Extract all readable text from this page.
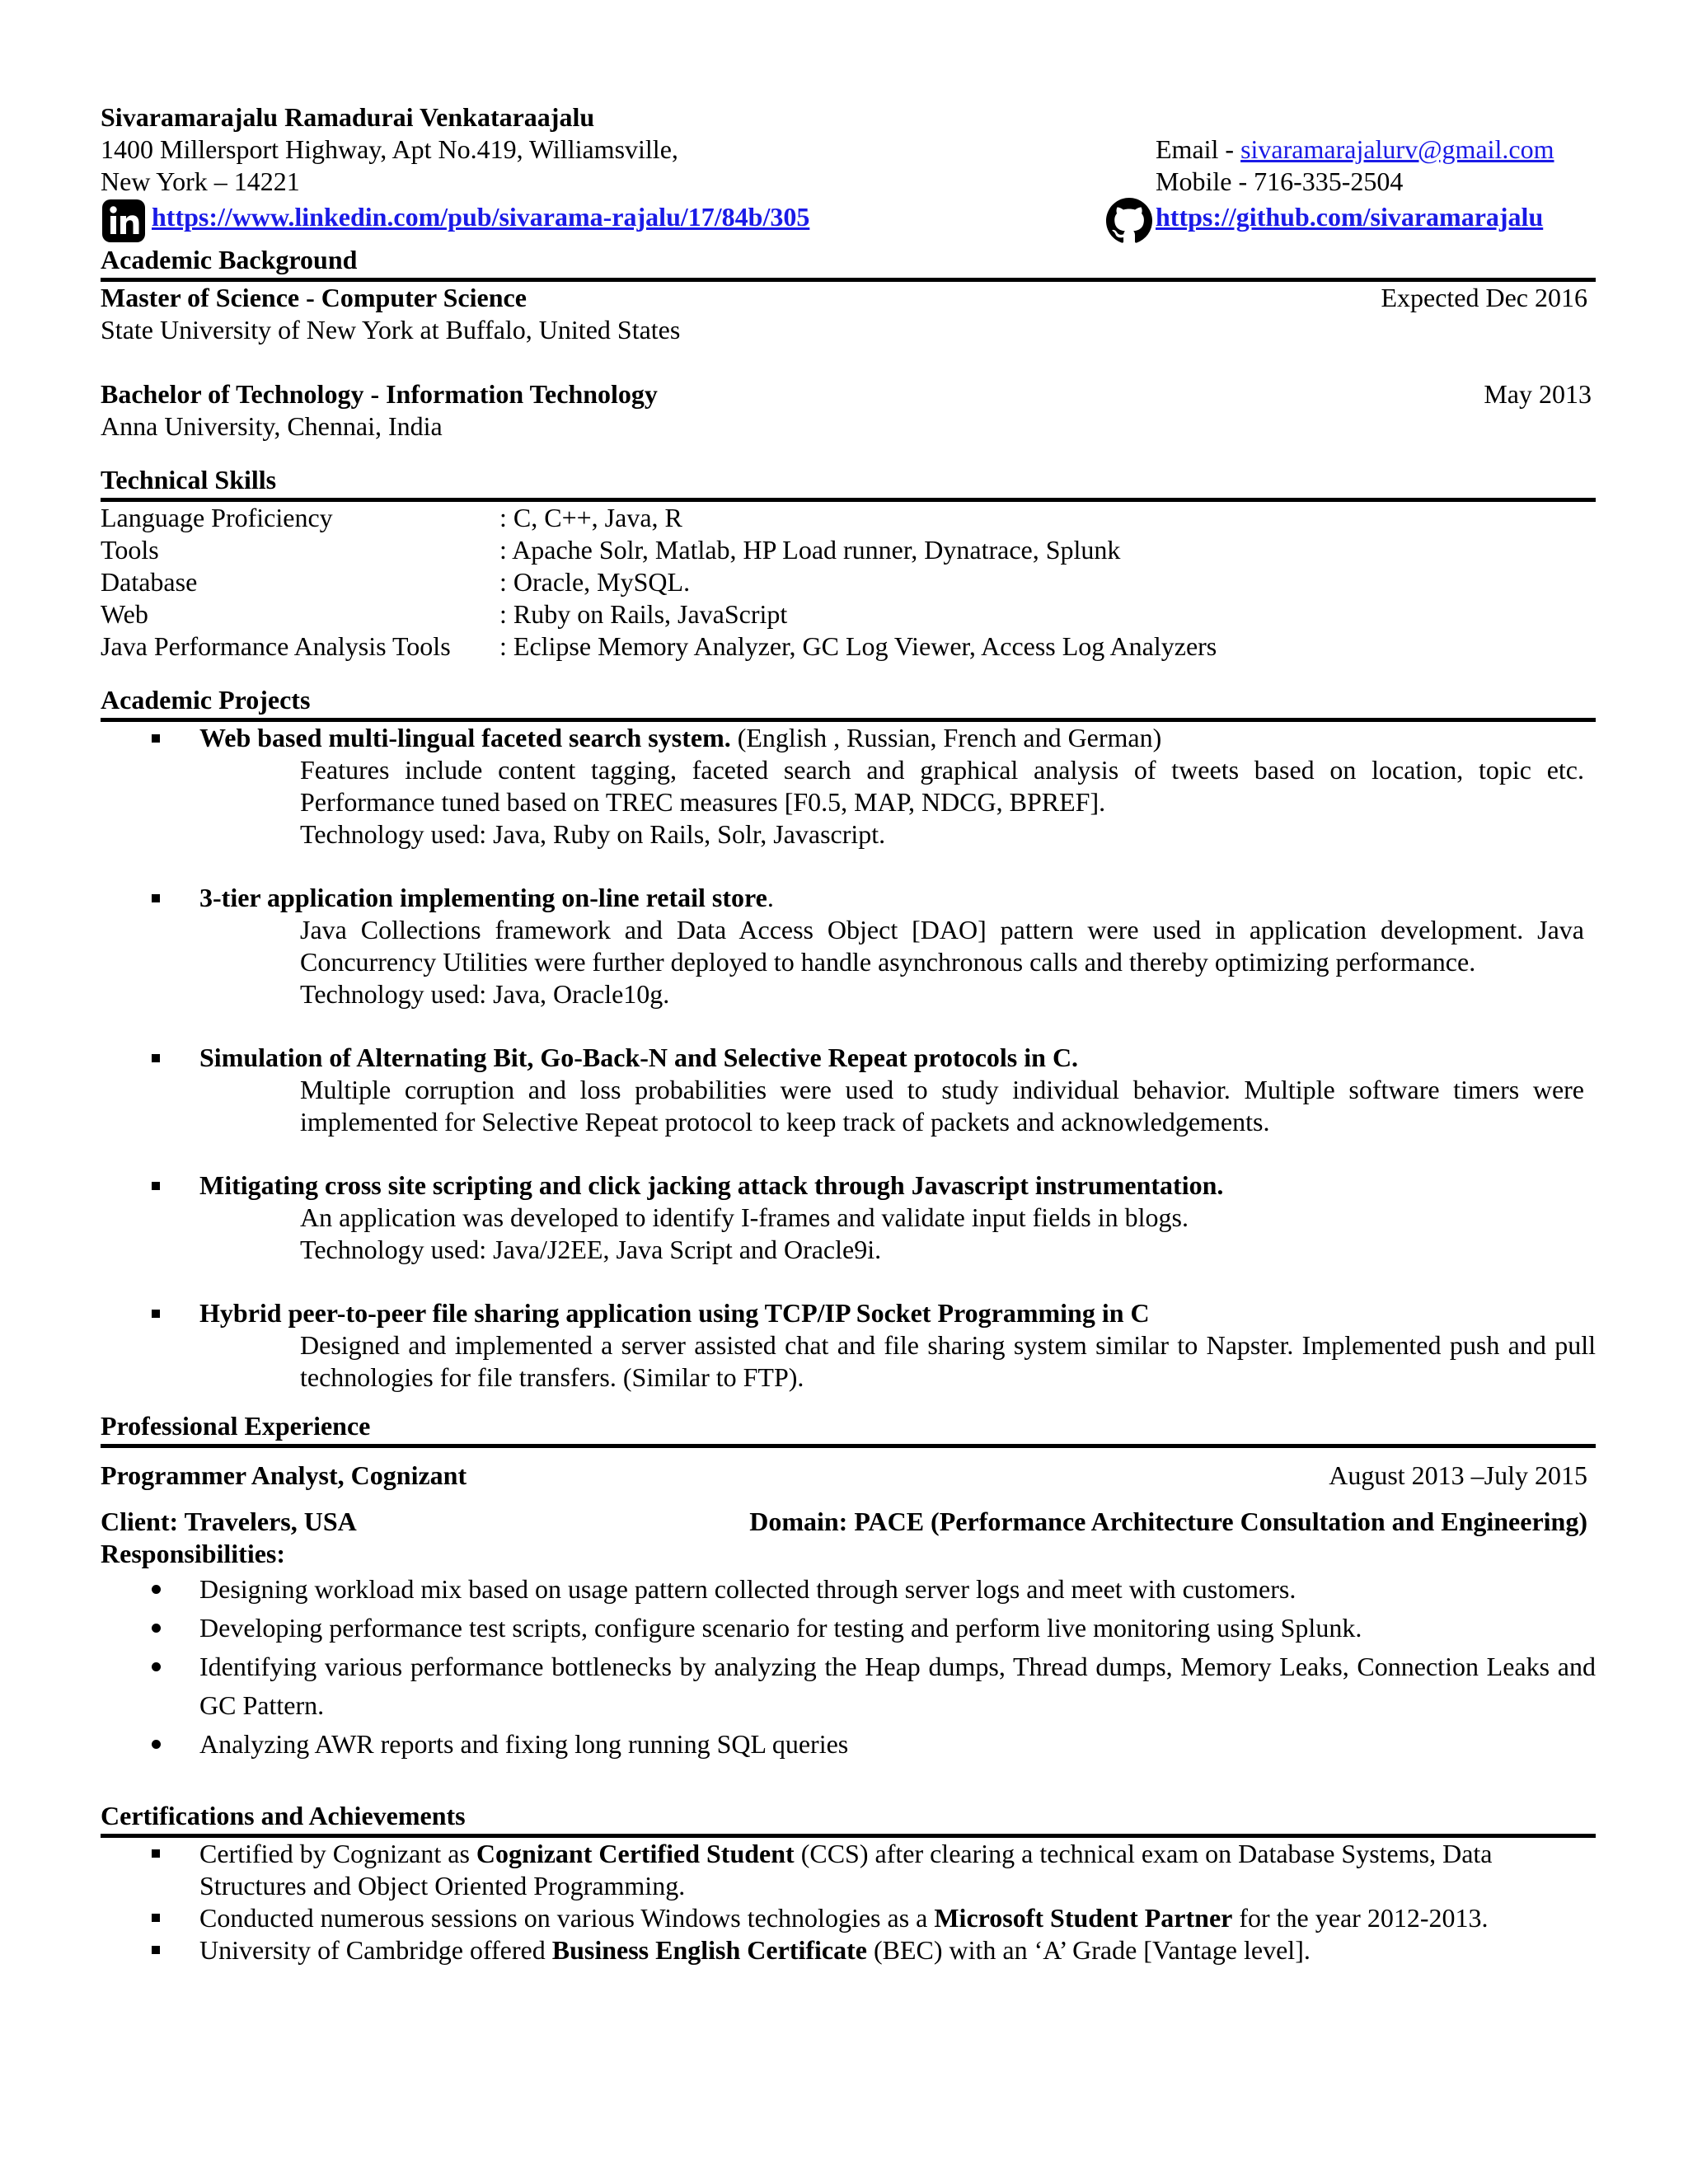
Sivaramarajalu Ramadurai Venkataraajalu
1400 Millersport Highway, Apt No.419, Williamsville,	Email - sivaramarajalurv@gmail.com
New York – 14221	Mobile - 716-335-2504
https://www.linkedin.com/pub/sivarama-rajalu/17/84b/305	https://github.com/sivaramarajalu
Academic Background
Master of Science - Computer Science	Expected Dec 2016
State University of New York at Buffalo, United States
Bachelor of Technology - Information Technology	May 2013
Anna University, Chennai, India
Technical Skills
Language Proficiency	: C, C++, Java, R
Tools	: Apache Solr, Matlab, HP Load runner, Dynatrace, Splunk
Database	: Oracle, MySQL.
Web	: Ruby on Rails, JavaScript
Java Performance Analysis Tools	: Eclipse Memory Analyzer, GC Log Viewer, Access Log Analyzers
Academic Projects
Web based multi-lingual faceted search system. (English , Russian, French and German)
Features include content tagging, faceted search and graphical analysis of tweets based on location, topic etc. Performance tuned based on TREC measures [F0.5, MAP, NDCG, BPREF].
Technology used: Java, Ruby on Rails, Solr, Javascript.
3-tier application implementing on-line retail store.
Java Collections framework and Data Access Object [DAO] pattern were used in application development. Java Concurrency Utilities were further deployed to handle asynchronous calls and thereby optimizing performance.
Technology used: Java, Oracle10g.
Simulation of Alternating Bit, Go-Back-N and Selective Repeat protocols in C.
Multiple corruption and loss probabilities were used to study individual behavior. Multiple software timers were implemented for Selective Repeat protocol to keep track of packets and acknowledgements.
Mitigating cross site scripting and click jacking attack through Javascript instrumentation.
An application was developed to identify I-frames and validate input fields in blogs.
Technology used: Java/J2EE, Java Script and Oracle9i.
Hybrid peer-to-peer file sharing application using TCP/IP Socket Programming in C
Designed and implemented a server assisted chat and file sharing system similar to Napster. Implemented push and pull technologies for file transfers. (Similar to FTP).
Professional Experience
Programmer Analyst, Cognizant	August 2013 –July 2015
Client: Travelers, USA	Domain: PACE (Performance Architecture Consultation and Engineering)
Responsibilities:
Designing workload mix based on usage pattern collected through server logs and meet with customers.
Developing performance test scripts, configure scenario for testing and perform live monitoring using Splunk.
Identifying various performance bottlenecks by analyzing the Heap dumps, Thread dumps, Memory Leaks, Connection Leaks and GC Pattern.
Analyzing AWR reports and fixing long running SQL queries
Certifications and Achievements
Certified by Cognizant as Cognizant Certified Student (CCS) after clearing a technical exam on Database Systems, Data Structures and Object Oriented Programming.
Conducted numerous sessions on various Windows technologies as a Microsoft Student Partner for the year 2012-2013.
University of Cambridge offered Business English Certificate (BEC) with an ‘A’ Grade [Vantage level].
